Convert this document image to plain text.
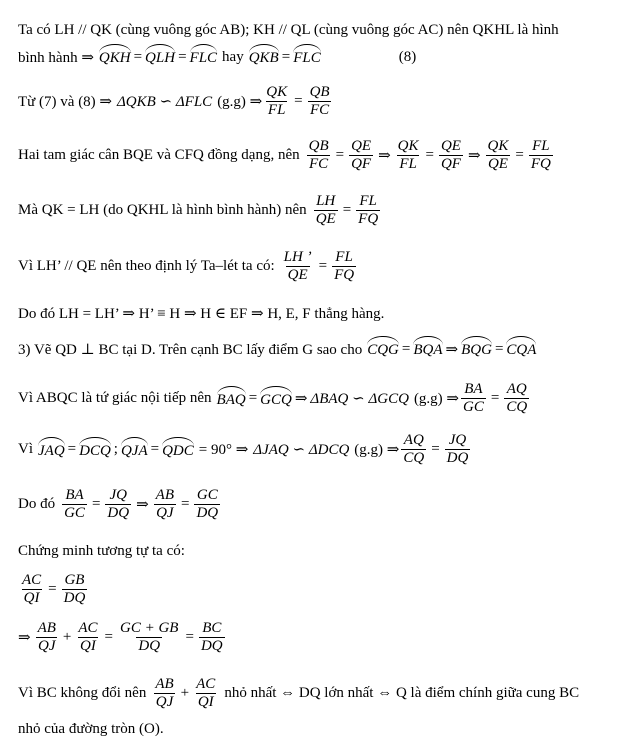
Ta có LH // QK (cùng vuông góc AB); KH // QL (cùng vuông góc AC) nên QKHL là hình
bình hành ⇒ QKH = QLH = FLC hay QKB = FLC	(8)
Từ (7) và (8) ⇒ ΔQKB ∽ ΔFLC (g.g) ⇒ $\frac{QK}{FL} = \frac{QB}{FC}$
Hai tam giác cân BQE và CFQ đồng dạng, nên $\frac{QB}{FC} = \frac{QE}{QF}$ ⇒ $\frac{QK}{FL} = \frac{QE}{QF}$ ⇒ $\frac{QK}{QE} = \frac{FL}{FQ}$
Mà QK = LH (do QKHL là hình bình hành) nên $\frac{LH}{QE} = \frac{FL}{FQ}$
Vì LH’ // QE nên theo định lý Ta–lét ta có: $\frac{LH ’}{QE} = \frac{FL}{FQ}$
Do đó LH = LH’ ⇒ H’ ≡ H ⇒ H ∈ EF ⇒ H, E, F thẳng hàng.
3) Vẽ QD ⊥ BC tại D. Trên cạnh BC lấy điểm G sao cho CQG = BQA ⇒ BQG = CQA
Vì ABQC là tứ giác nội tiếp nên BAQ = GCQ ⇒ ΔBAQ ∽ ΔGCQ (g.g) ⇒ $\frac{BA}{GC} = \frac{AQ}{CQ}$
Vì JAQ = DCQ ; QJA = QDC = 90° ⇒ ΔJAQ ∽ ΔDCQ (g.g) ⇒ $\frac{AQ}{CQ} = \frac{JQ}{DQ}$
Do đó $\frac{BA}{GC} = \frac{JQ}{DQ}$ ⇒ $\frac{AB}{QJ} = \frac{GC}{DQ}$
Chứng minh tương tự ta có:
$\frac{AC}{QI} = \frac{GB}{DQ}$
⇒ $\frac{AB}{QJ} + \frac{AC}{QI} = \frac{GC + GB}{DQ} = \frac{BC}{DQ}$
Vì BC không đổi nên $\frac{AB}{QJ} + \frac{AC}{QI}$ nhỏ nhất ⇔ DQ lớn nhất ⇔ Q là điểm chính giữa cung BC
nhỏ của đường tròn (O).
